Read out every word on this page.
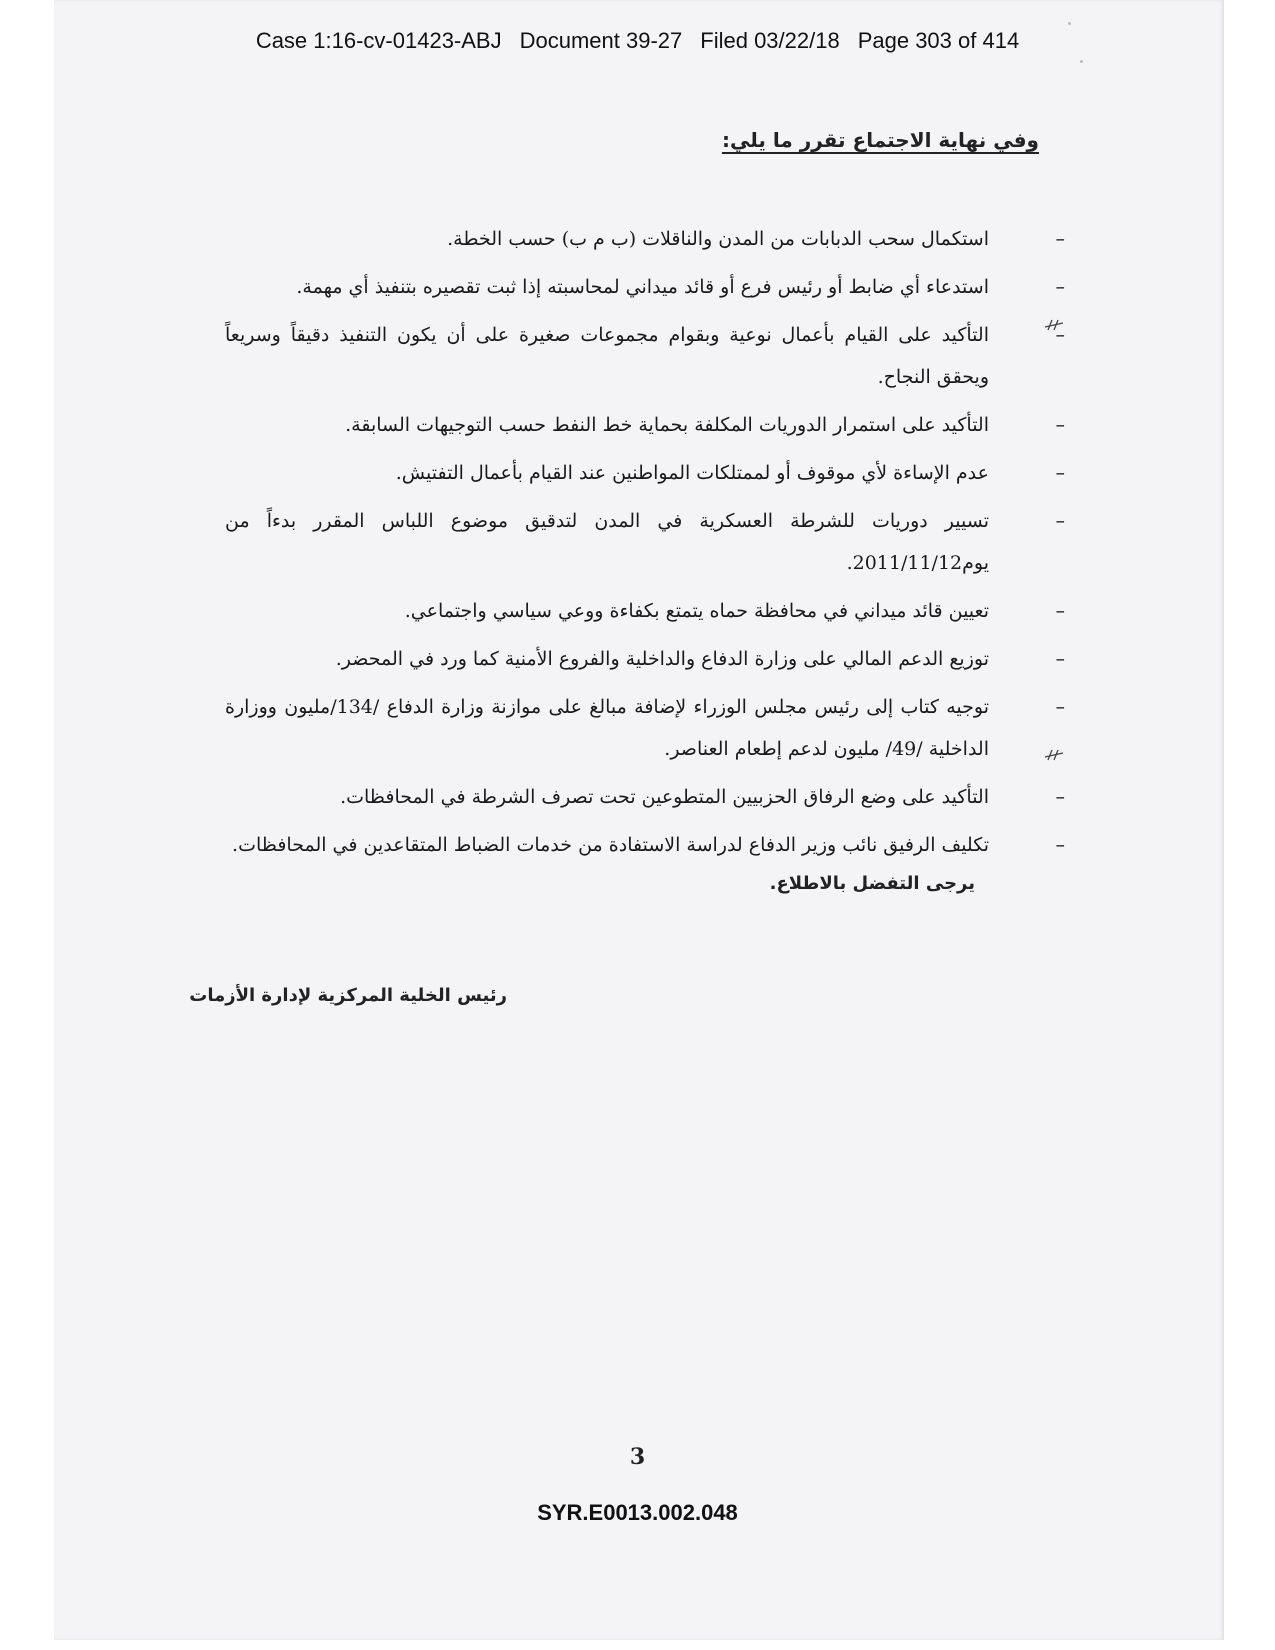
Case 1:16-cv-01423-ABJ Document 39-27 Filed 03/22/18 Page 303 of 414
وفي نهاية الاجتماع تقرر ما يلي:
–
استكمال سحب الدبابات من المدن والناقلات (ب م ب) حسب الخطة.
–
استدعاء أي ضابط أو رئيس فرع أو قائد ميداني لمحاسبته إذا ثبت تقصيره بتنفيذ أي مهمة.
–
التأكيد على القيام بأعمال نوعية وبقوام مجموعات صغيرة على أن يكون التنفيذ دقيقاً وسريعاً ويحقق النجاح.
–
التأكيد على استمرار الدوريات المكلفة بحماية خط النفط حسب التوجيهات السابقة.
–
عدم الإساءة لأي موقوف أو لممتلكات المواطنين عند القيام بأعمال التفتيش.
–
تسيير دوريات للشرطة العسكرية في المدن لتدقيق موضوع اللباس المقرر بدءاً من يوم2011/11/12.
–
تعيين قائد ميداني في محافظة حماه يتمتع بكفاءة ووعي سياسي واجتماعي.
–
توزيع الدعم المالي على وزارة الدفاع والداخلية والفروع الأمنية كما ورد في المحضر.
–
توجيه كتاب إلى رئيس مجلس الوزراء لإضافة مبالغ على موازنة وزارة الدفاع /134/مليون ووزارة الداخلية /49/ مليون لدعم إطعام العناصر.
–
التأكيد على وضع الرفاق الحزبيين المتطوعين تحت تصرف الشرطة في المحافظات.
–
تكليف الرفيق نائب وزير الدفاع لدراسة الاستفادة من خدمات الضباط المتقاعدين في المحافظات.
يرجى التفضل بالاطلاع.
رئيس الخلية المركزية لإدارة الأزمات
3
SYR.E0013.002.048
